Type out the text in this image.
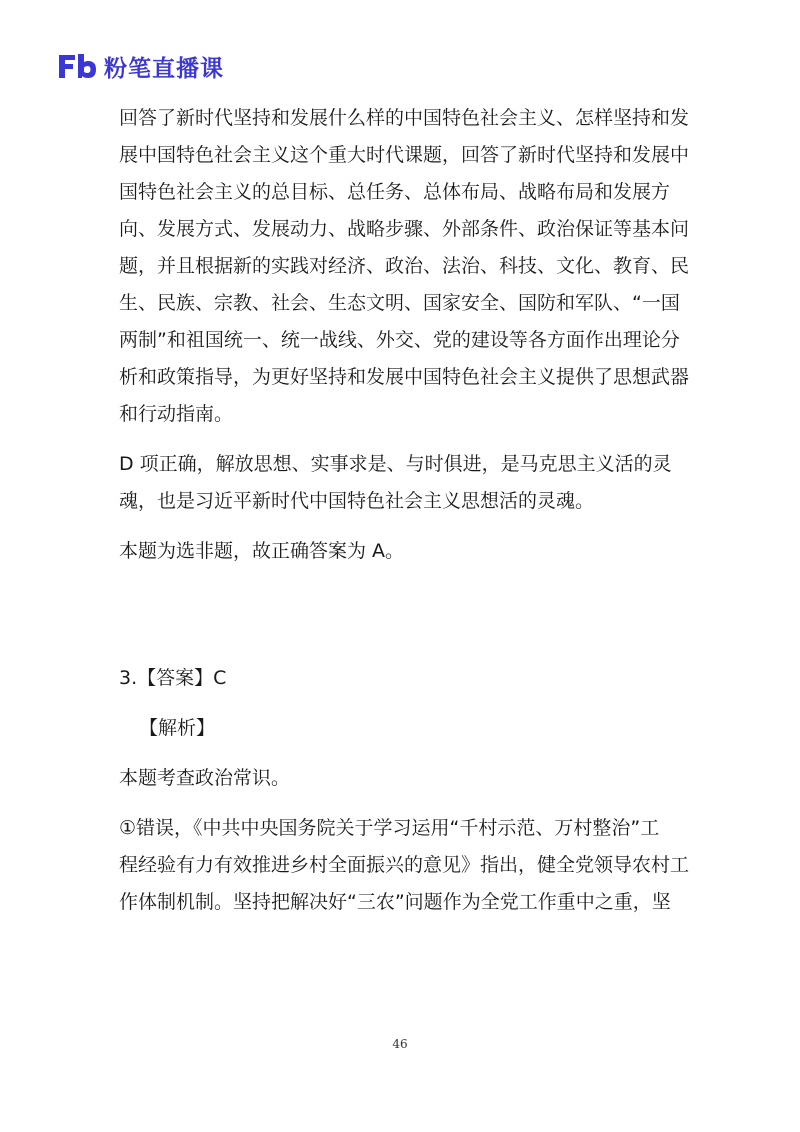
粉笔直播课
回答了新时代坚持和发展什么样的中国特色社会主义、怎样坚持和发
展中国特色社会主义这个重大时代课题，回答了新时代坚持和发展中
国特色社会主义的总目标、总任务、总体布局、战略布局和发展方
向、发展方式、发展动力、战略步骤、外部条件、政治保证等基本问
题，并且根据新的实践对经济、政治、法治、科技、文化、教育、民
生、民族、宗教、社会、生态文明、国家安全、国防和军队、“一国
两制”和祖国统一、统一战线、外交、党的建设等各方面作出理论分
析和政策指导，为更好坚持和发展中国特色社会主义提供了思想武器
和行动指南。
D 项正确，解放思想、实事求是、与时俱进，是马克思主义活的灵
魂，也是习近平新时代中国特色社会主义思想活的灵魂。
本题为选非题，故正确答案为 A。
3.【答案】C
【解析】
本题考查政治常识。
①错误，《中共中央国务院关于学习运用“千村示范、万村整治”工
程经验有力有效推进乡村全面振兴的意见》指出，健全党领导农村工
作体制机制。坚持把解决好“三农”问题作为全党工作重中之重，坚
46
